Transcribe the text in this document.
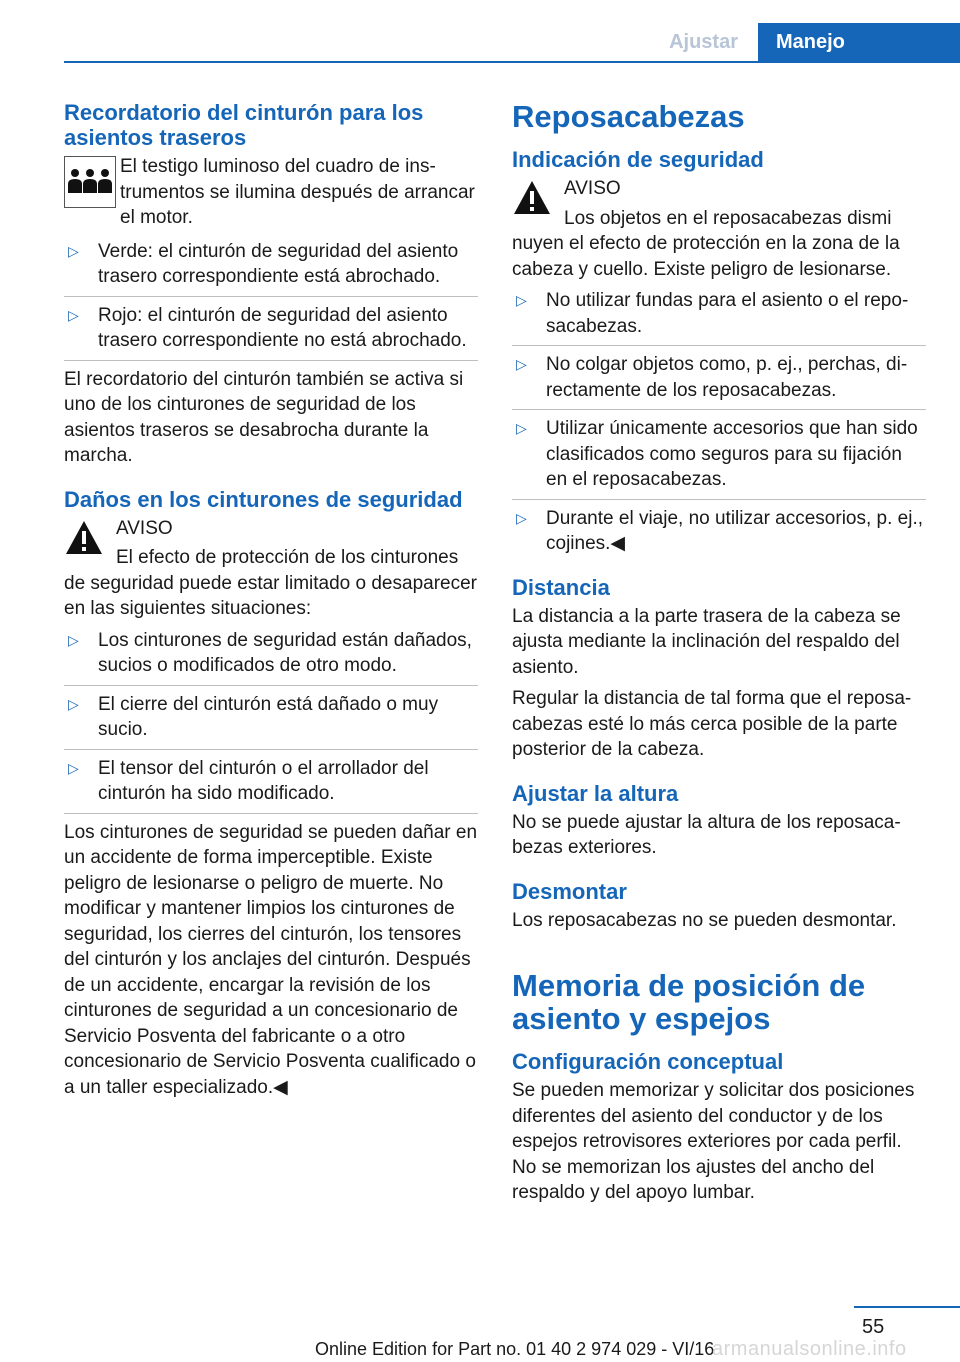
Ajustar	Manejo
Recordatorio del cinturón para los asientos traseros

El testigo luminoso del cuadro de instrumentos se ilumina después de arrancar el motor.

▷ Verde: el cinturón de seguridad del asiento trasero correspondiente está abrochado.
▷ Rojo: el cinturón de seguridad del asiento trasero correspondiente no está abrochado.

El recordatorio del cinturón también se activa si uno de los cinturones de seguridad de los asientos traseros se desabrocha durante la marcha.

Daños en los cinturones de seguridad

AVISO

El efecto de protección de los cinturones

de seguridad puede estar limitado o desaparecer en las siguientes situaciones:

▷ Los cinturones de seguridad están dañados, sucios o modificados de otro modo.
▷ El cierre del cinturón está dañado o muy sucio.
▷ El tensor del cinturón o el arrollador del cinturón ha sido modificado.

Los cinturones de seguridad se pueden dañar en un accidente de forma imperceptible. Existe peligro de lesionarse o peligro de muerte. No modificar y mantener limpios los cinturones de seguridad, los cierres del cinturón, los tensores del cinturón y los anclajes del cinturón. Después de un accidente, encargar la revisión de los cinturones de seguridad a un concesionario de Servicio Posventa del fabricante o a otro concesionario de Servicio Posventa cualificado o a un taller especializado.◀

Reposacabezas
Indicación de seguridad

AVISO

Los objetos en el reposacabezas dismi

nuyen el efecto de protección en la zona de la cabeza y cuello. Existe peligro de lesionarse.

▷ No utilizar fundas para el asiento o el reposacabezas.
▷ No colgar objetos como, p. ej., perchas, directamente de los reposacabezas.
▷ Utilizar únicamente accesorios que han sido clasificados como seguros para su fijación en el reposacabezas.
▷ Durante el viaje, no utilizar accesorios, p. ej., cojines.◀
Distancia

La distancia a la parte trasera de la cabeza se ajusta mediante la inclinación del respaldo del asiento.

Regular la distancia de tal forma que el reposacabezas esté lo más cerca posible de la parte posterior de la cabeza.

Ajustar la altura

No se puede ajustar la altura de los reposacabezas exteriores.

Desmontar

Los reposacabezas no se pueden desmontar.

Memoria de posición de asiento y espejos
Configuración conceptual

Se pueden memorizar y solicitar dos posiciones diferentes del asiento del conductor y de los espejos retrovisores exteriores por cada perfil. No se memorizan los ajustes del ancho del respaldo y del apoyo lumbar.

55
Online Edition for Part no. 01 40 2 974 029 - VI/16
armanualsonline.info
